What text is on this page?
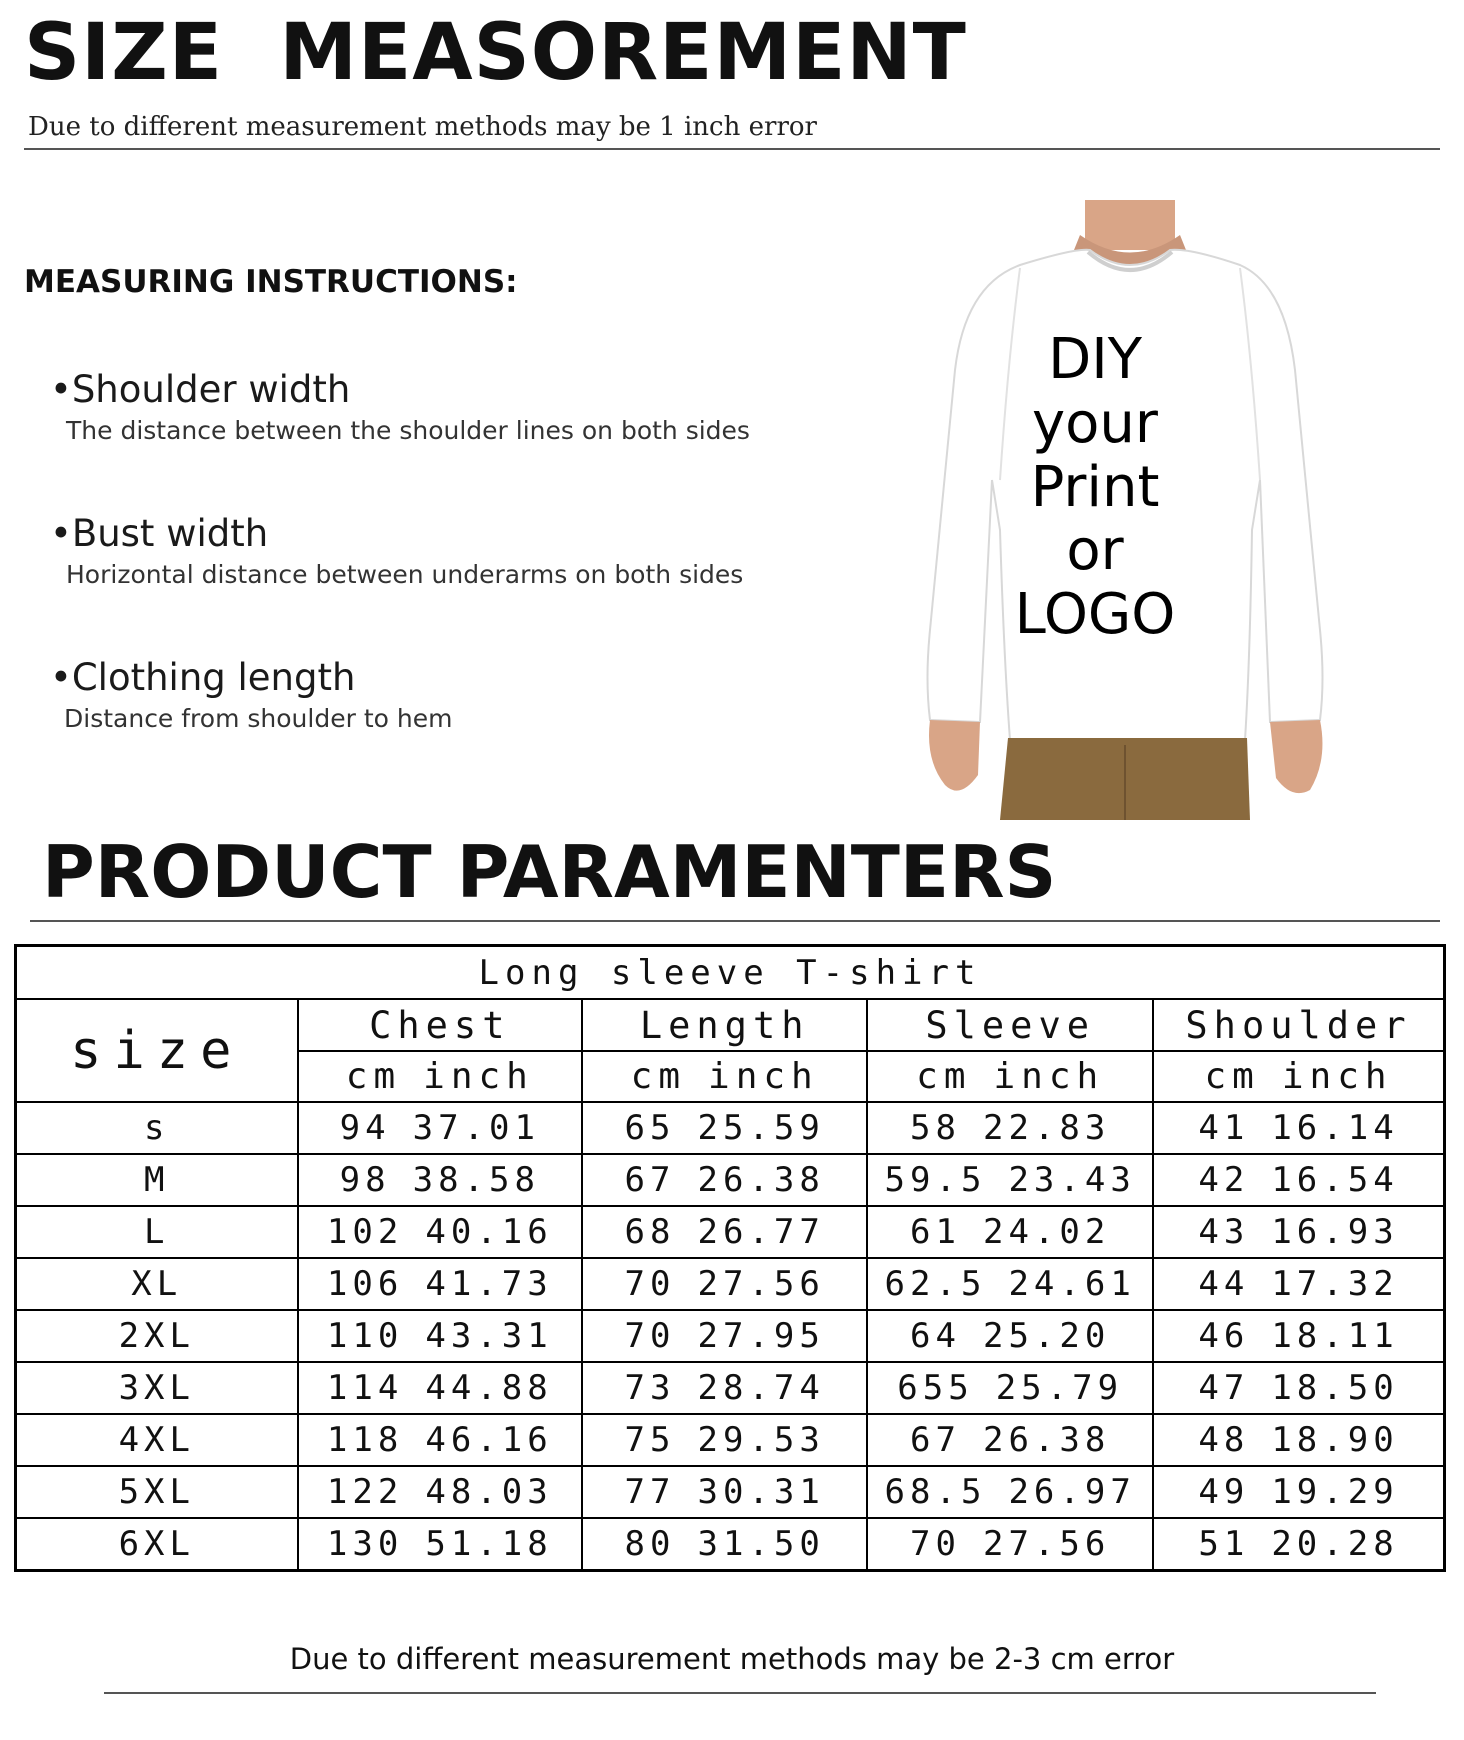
SIZE  MEASOREMENT
Due to different measurement methods may be 1 inch error
MEASURING INSTRUCTIONS:
•Shoulder width
The distance between the shoulder lines on both sides
•Bust width
Horizontal distance between underarms on both sides
•Clothing length
Distance from shoulder to hem
DIY
your
Print
or
LOGO
PRODUCT PARAMENTERS
Long sleeve T-shirt				
size	Chest	Length	Sleeve	Shoulder

	cm inch	cm inch	cm inch	cm inch

s	94 37.01	65 25.59	58 22.83	41 16.14

M	98 38.58	67 26.38	59.5 23.43	42 16.54

L	102 40.16	68 26.77	61 24.02	43 16.93

XL	106 41.73	70 27.56	62.5 24.61	44 17.32

2XL	110 43.31	70 27.95	64 25.20	46 18.11

3XL	114 44.88	73 28.74	655 25.79	47 18.50

4XL	118 46.16	75 29.53	67 26.38	48 18.90

5XL	122 48.03	77 30.31	68.5 26.97	49 19.29

6XL	130 51.18	80 31.50	70 27.56	51 20.28
Due to different measurement methods may be 2-3 cm error
